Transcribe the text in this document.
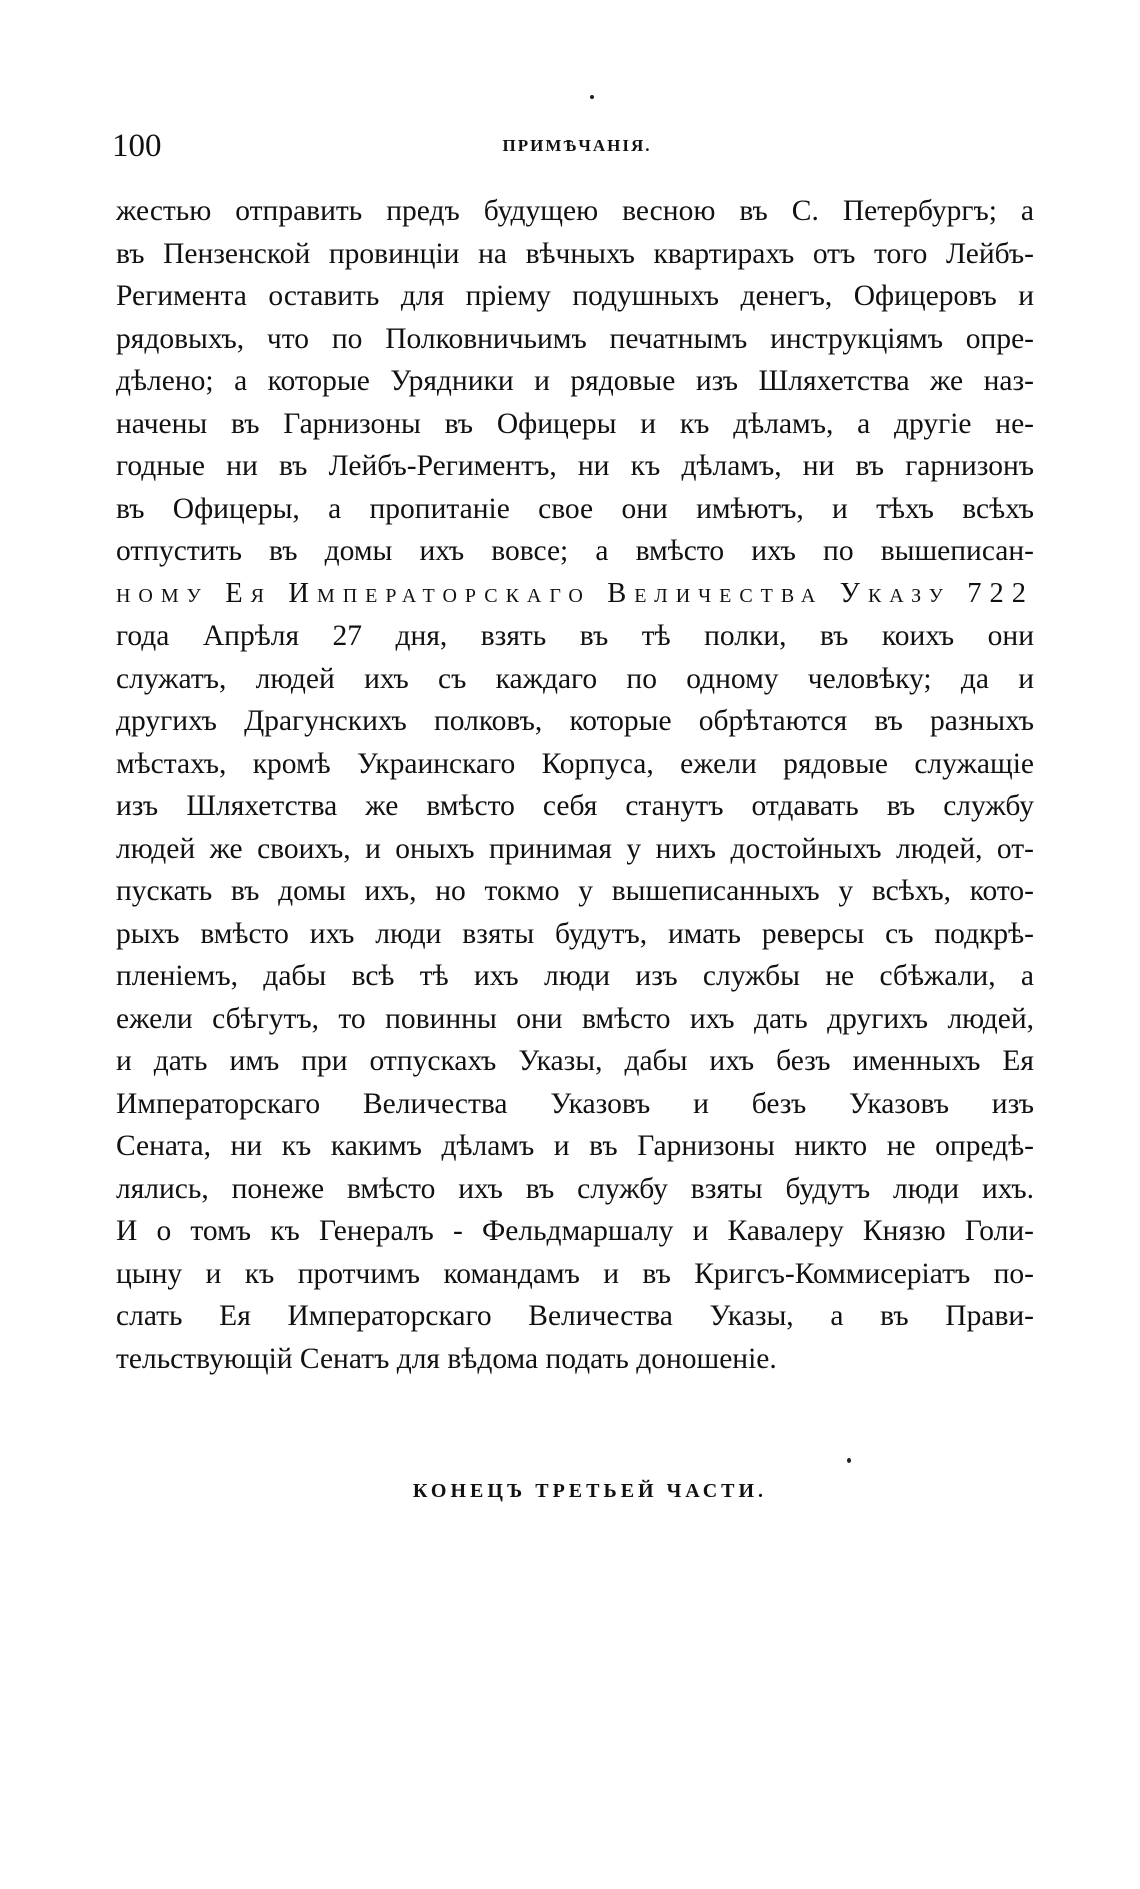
100	ПРИМѢЧАНІЯ.
жестью отправить предъ будущею весною въ С. Петербургъ; а
въ Пензенской провинціи на вѣчныхъ квартирахъ отъ того Лейбъ-
Регимента оставить для пріему подушныхъ денегъ, Офицеровъ и
рядовыхъ, что по Полковничьимъ печатнымъ инструкціямъ опре-
дѣлено; а которые Урядники и рядовые изъ Шляхетства же наз-
начены въ Гарнизоны въ Офицеры и къ дѣламъ, а другіе не-
годные ни въ Лейбъ-Региментъ, ни къ дѣламъ, ни въ гарнизонъ
въ Офицеры, а пропитаніе свое они имѣютъ, и тѣхъ всѣхъ
отпустить въ домы ихъ вовсе; а вмѣсто ихъ по вышеписан-
ному Ея Императорскаго Величества Указу 722
года Апрѣля 27 дня, взять въ тѣ полки, въ коихъ они
служатъ, людей ихъ съ каждаго по одному человѣку; да и
другихъ Драгунскихъ полковъ, которые обрѣтаются въ разныхъ
мѣстахъ, кромѣ Украинскаго Корпуса, ежели рядовые служащіе
изъ Шляхетства же вмѣсто себя станутъ отдавать въ службу
людей же своихъ, и оныхъ принимая у нихъ достойныхъ людей, от-
пускать въ домы ихъ, но токмо у вышеписанныхъ у всѣхъ, кото-
рыхъ вмѣсто ихъ люди взяты будутъ, имать реверсы съ подкрѣ-
пленіемъ, дабы всѣ тѣ ихъ люди изъ службы не сбѣжали, а
ежели сбѣгутъ, то повинны они вмѣсто ихъ дать другихъ людей,
и дать имъ при отпускахъ Указы, дабы ихъ безъ именныхъ Ея
Императорскаго Величества Указовъ и безъ Указовъ изъ
Сената, ни къ какимъ дѣламъ и въ Гарнизоны никто не опредѣ-
лялись, понеже вмѣсто ихъ въ службу взяты будутъ люди ихъ.
И о томъ къ Генералъ - Фельдмаршалу и Кавалеру Князю Голи-
цыну и къ протчимъ командамъ и въ Кригсъ-Коммисеріатъ по-
слать Ея Императорскаго Величества Указы, а въ Прави-
тельствующій Сенатъ для вѣдома подать доношеніе.
КОНЕЦЪ ТРЕТЬЕЙ ЧАСТИ.
